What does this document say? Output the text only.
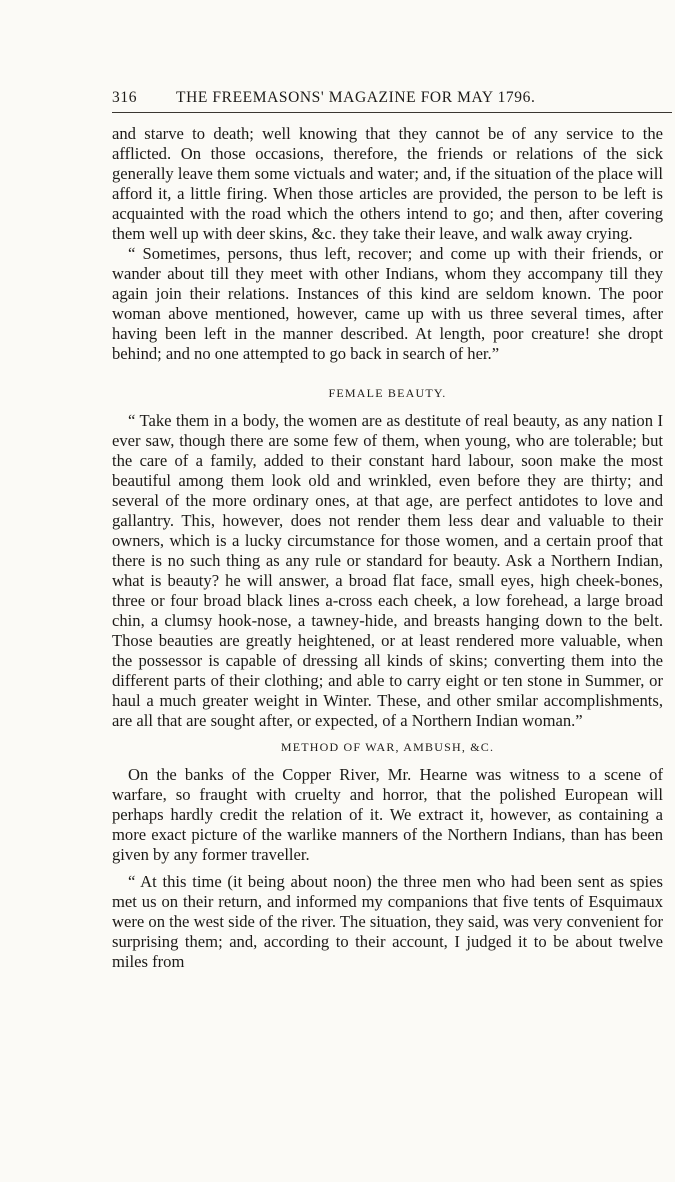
316	THE FREEMASONS' MAGAZINE FOR MAY 1796.

and starve to death; well knowing that they cannot be of any service to the afflicted. On those occasions, therefore, the friends or relations of the sick generally leave them some victuals and water; and, if the situation of the place will afford it, a little firing. When those articles are provided, the person to be left is acquainted with the road which the others intend to go; and then, after covering them well up with deer skins, &c. they take their leave, and walk away crying.

“ Sometimes, persons, thus left, recover; and come up with their friends, or wander about till they meet with other Indians, whom they accompany till they again join their relations. Instances of this kind are seldom known. The poor woman above mentioned, however, came up with us three several times, after having been left in the manner described. At length, poor creature! she dropt behind; and no one attempted to go back in search of her.”

FEMALE BEAUTY.

“ Take them in a body, the women are as destitute of real beauty, as any nation I ever saw, though there are some few of them, when young, who are tolerable; but the care of a family, added to their constant hard labour, soon make the most beautiful among them look old and wrinkled, even before they are thirty; and several of the more ordinary ones, at that age, are perfect antidotes to love and gallantry. This, however, does not render them less dear and valuable to their owners, which is a lucky circumstance for those women, and a certain proof that there is no such thing as any rule or standard for beauty. Ask a Northern Indian, what is beauty? he will answer, a broad flat face, small eyes, high cheek-bones, three or four broad black lines a-cross each cheek, a low forehead, a large broad chin, a clumsy hook-nose, a tawney-hide, and breasts hanging down to the belt. Those beauties are greatly heightened, or at least rendered more valuable, when the possessor is capable of dressing all kinds of skins; converting them into the different parts of their clothing; and able to carry eight or ten stone in Summer, or haul a much greater weight in Winter. These, and other smilar accomplishments, are all that are sought after, or expected, of a Northern Indian woman.”

METHOD OF WAR, AMBUSH, &C.

On the banks of the Copper River, Mr. Hearne was witness to a scene of warfare, so fraught with cruelty and horror, that the polished European will perhaps hardly credit the relation of it. We extract it, however, as containing a more exact picture of the warlike manners of the Northern Indians, than has been given by any former traveller.

“ At this time (it being about noon) the three men who had been sent as spies met us on their return, and informed my companions that five tents of Esquimaux were on the west side of the river. The situation, they said, was very convenient for surprising them; and, according to their account, I judged it to be about twelve miles from
